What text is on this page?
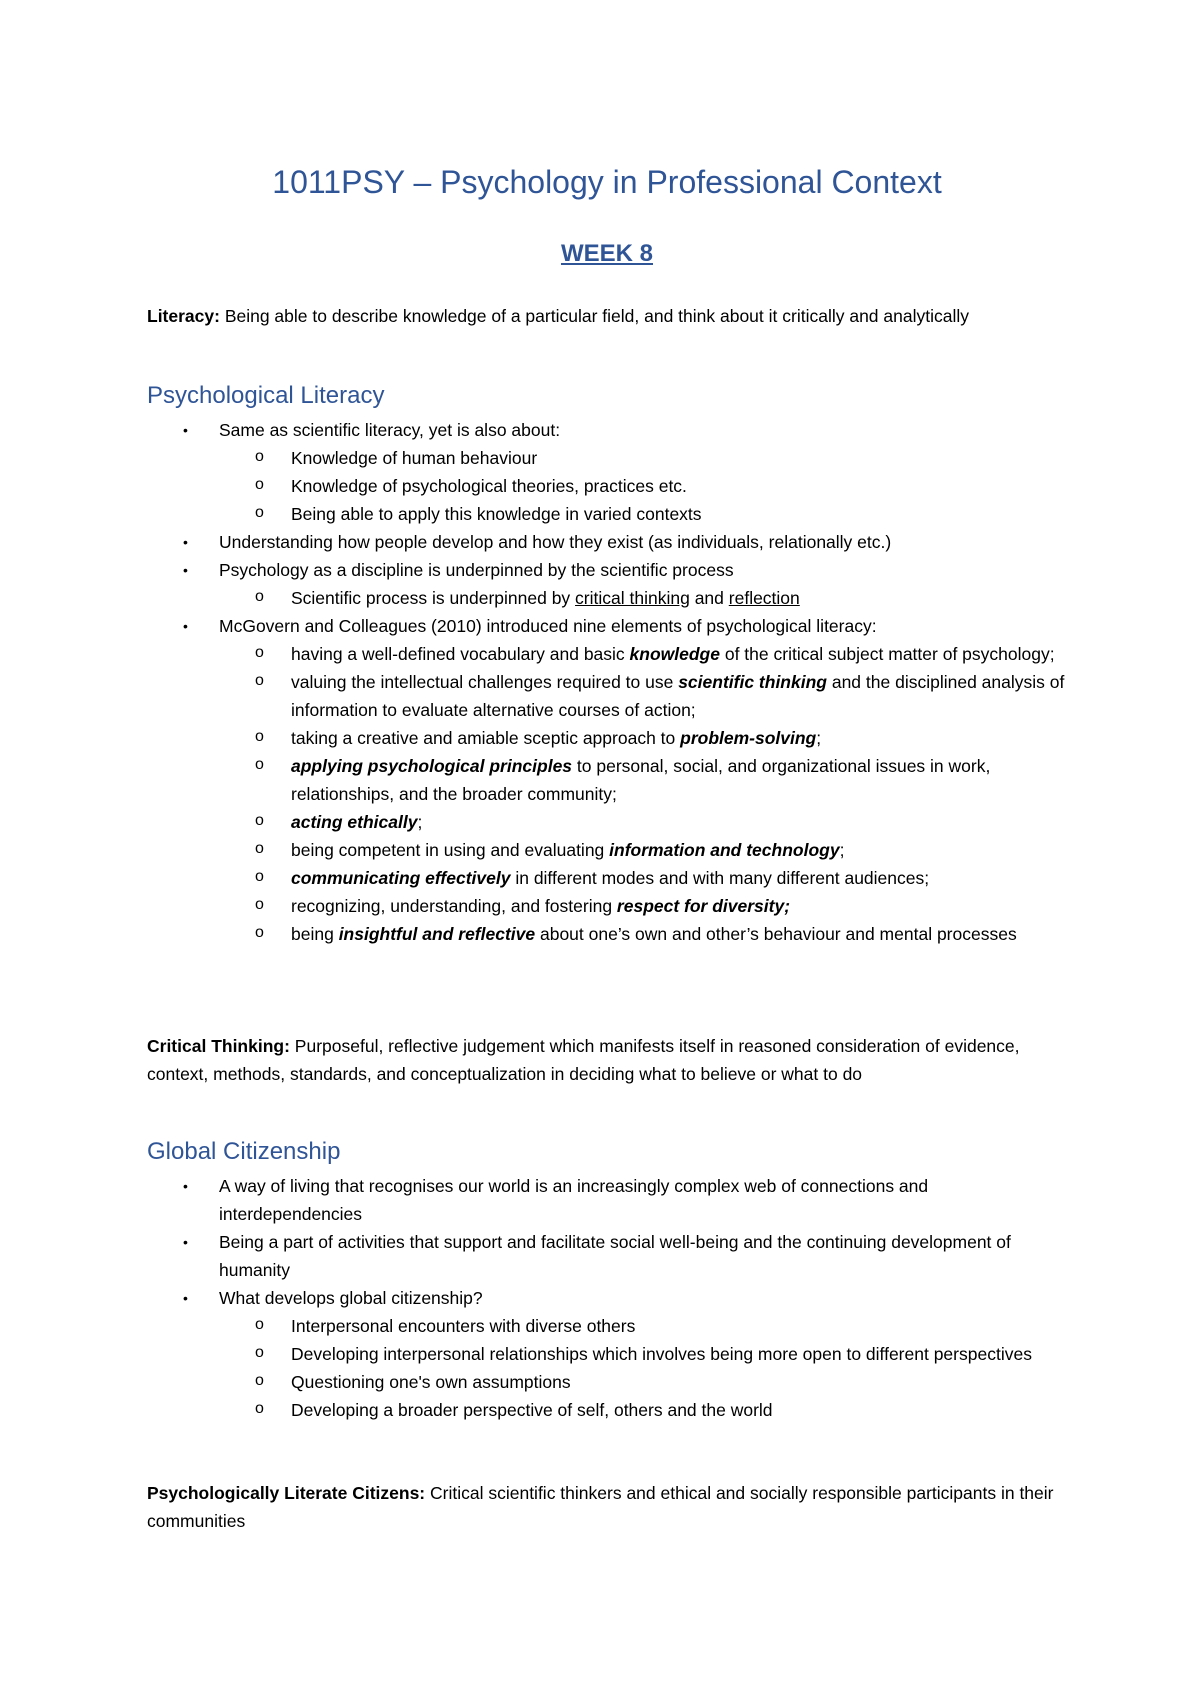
1011PSY – Psychology in Professional Context
WEEK 8

Literacy: Being able to describe knowledge of a particular field, and think about it critically and analytically

Psychological Literacy
• Same as scientific literacy, yet is also about:
o Knowledge of human behaviour
o Knowledge of psychological theories, practices etc.
o Being able to apply this knowledge in varied contexts
• Understanding how people develop and how they exist (as individuals, relationally etc.)
• Psychology as a discipline is underpinned by the scientific process
o Scientific process is underpinned by critical thinking and reflection
• McGovern and Colleagues (2010) introduced nine elements of psychological literacy:
o having a well-defined vocabulary and basic knowledge of the critical subject matter of psychology;
o valuing the intellectual challenges required to use scientific thinking and the disciplined analysis of information to evaluate alternative courses of action;
o taking a creative and amiable sceptic approach to problem-solving;
o applying psychological principles to personal, social, and organizational issues in work, relationships, and the broader community;
o acting ethically;
o being competent in using and evaluating information and technology;
o communicating effectively in different modes and with many different audiences;
o recognizing, understanding, and fostering respect for diversity;
o being insightful and reflective about one’s own and other’s behaviour and mental processes

Critical Thinking: Purposeful, reflective judgement which manifests itself in reasoned consideration of evidence, context, methods, standards, and conceptualization in deciding what to believe or what to do

Global Citizenship
• A way of living that recognises our world is an increasingly complex web of connections and interdependencies
• Being a part of activities that support and facilitate social well-being and the continuing development of humanity
• What develops global citizenship?
o Interpersonal encounters with diverse others
o Developing interpersonal relationships which involves being more open to different perspectives
o Questioning one's own assumptions
o Developing a broader perspective of self, others and the world

Psychologically Literate Citizens: Critical scientific thinkers and ethical and socially responsible participants in their communities
